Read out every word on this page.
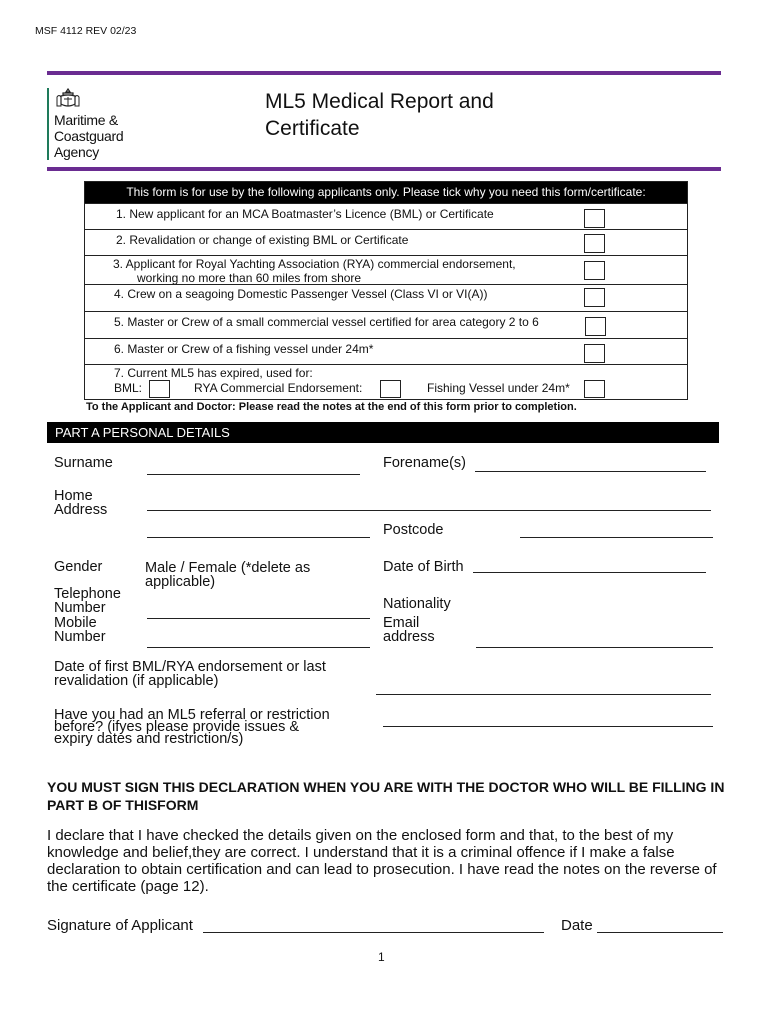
MSF 4112 REV 02/23
Maritime &
Coastguard
Agency
ML5 Medical Report and
Certificate
This form is for use by the following applicants only. Please tick why you need this form/certificate:
1. New applicant for an MCA Boatmaster’s Licence (BML) or Certificate
2. Revalidation or change of existing BML or Certificate
3. Applicant for Royal Yachting Association (RYA) commercial endorsement,
working no more than 60 miles from shore
4. Crew on a seagoing Domestic Passenger Vessel (Class VI or VI(A))
5. Master or Crew of a small commercial vessel certified for area category 2 to 6
6. Master or Crew of a fishing vessel under 24m*
7. Current ML5 has expired, used for:
BML:	RYA Commercial Endorsement:	Fishing Vessel under 24m*
To the Applicant and Doctor: Please read the notes at the end of this form prior to completion.
PART A PERSONAL DETAILS
Surname	Forename(s)
Home
Address
Postcode
Gender	Male / Female (*delete as
applicable)
Date of Birth
Telephone
Number	Nationality
Mobile
Number
Email
address
Date of first BML/RYA endorsement or last
revalidation (if applicable)
Have you had an ML5 referral or restriction
before? (ifyes please provide issues &
expiry dates and restriction/s)
YOU MUST SIGN THIS DECLARATION WHEN YOU ARE WITH THE DOCTOR WHO WILL BE FILLING IN PART B OF THISFORM
I declare that I have checked the details given on the enclosed form and that, to the best of my knowledge and belief,they are correct. I understand that it is a criminal offence if I make a false declaration to obtain certification and can lead to prosecution. I have read the notes on the reverse of the certificate (page 12).
Signature of Applicant	Date
1
